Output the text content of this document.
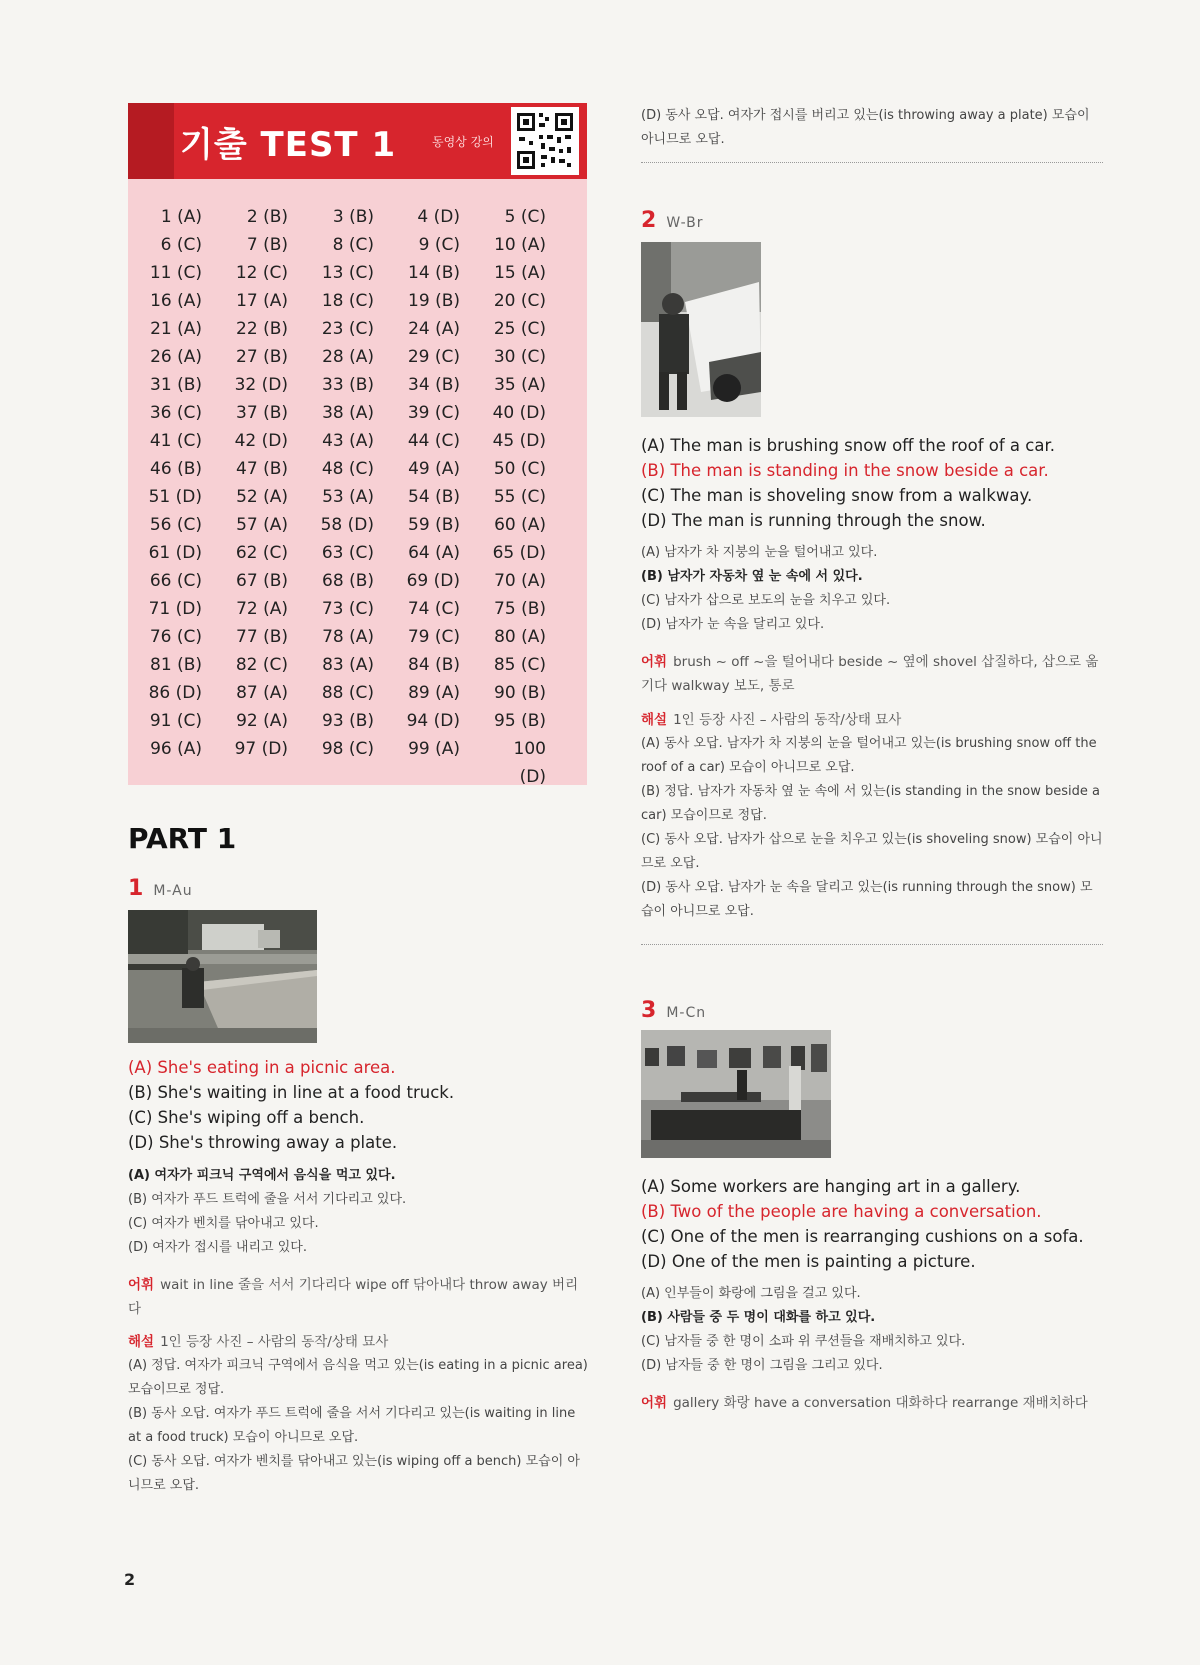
기출 TEST 1	동영상 강의
1 (A)	2 (B)	3 (B)	4 (D)	5 (C)
6 (C)	7 (B)	8 (C)	9 (C)	10 (A)
11 (C)	12 (C)	13 (C)	14 (B)	15 (A)
16 (A)	17 (A)	18 (C)	19 (B)	20 (C)
21 (A)	22 (B)	23 (C)	24 (A)	25 (C)
26 (A)	27 (B)	28 (A)	29 (C)	30 (C)
31 (B)	32 (D)	33 (B)	34 (B)	35 (A)
36 (C)	37 (B)	38 (A)	39 (C)	40 (D)
41 (C)	42 (D)	43 (A)	44 (C)	45 (D)
46 (B)	47 (B)	48 (C)	49 (A)	50 (C)
51 (D)	52 (A)	53 (A)	54 (B)	55 (C)
56 (C)	57 (A)	58 (D)	59 (B)	60 (A)
61 (D)	62 (C)	63 (C)	64 (A)	65 (D)
66 (C)	67 (B)	68 (B)	69 (D)	70 (A)
71 (D)	72 (A)	73 (C)	74 (C)	75 (B)
76 (C)	77 (B)	78 (A)	79 (C)	80 (A)
81 (B)	82 (C)	83 (A)	84 (B)	85 (C)
86 (D)	87 (A)	88 (C)	89 (A)	90 (B)
91 (C)	92 (A)	93 (B)	94 (D)	95 (B)
96 (A)	97 (D)	98 (C)	99 (A)	100 (D)
PART 1
1 M-Au
(A) She's eating in a picnic area.
(B) She's waiting in line at a food truck.
(C) She's wiping off a bench.
(D) She's throwing away a plate.
(A) 여자가 피크닉 구역에서 음식을 먹고 있다.
(B) 여자가 푸드 트럭에 줄을 서서 기다리고 있다.
(C) 여자가 벤치를 닦아내고 있다.
(D) 여자가 접시를 내리고 있다.
어휘 wait in line 줄을 서서 기다리다 wipe off 닦아내다 throw away 버리다
해설 1인 등장 사진 – 사람의 동작/상태 묘사
(A) 정답. 여자가 피크닉 구역에서 음식을 먹고 있는(is eating in a picnic area) 모습이므로 정답.
(B) 동사 오답. 여자가 푸드 트럭에 줄을 서서 기다리고 있는(is waiting in line at a food truck) 모습이 아니므로 오답.
(C) 동사 오답. 여자가 벤치를 닦아내고 있는(is wiping off a bench) 모습이 아니므로 오답.
2
(D) 동사 오답. 여자가 접시를 버리고 있는(is throwing away a plate) 모습이 아니므로 오답.
2 W-Br
(A) The man is brushing snow off the roof of a car.
(B) The man is standing in the snow beside a car.
(C) The man is shoveling snow from a walkway.
(D) The man is running through the snow.
(A) 남자가 차 지붕의 눈을 털어내고 있다.
(B) 남자가 자동차 옆 눈 속에 서 있다.
(C) 남자가 삽으로 보도의 눈을 치우고 있다.
(D) 남자가 눈 속을 달리고 있다.
어휘 brush ~ off ~을 털어내다 beside ~ 옆에 shovel 삽질하다, 삽으로 옮기다 walkway 보도, 통로
해설 1인 등장 사진 – 사람의 동작/상태 묘사
(A) 동사 오답. 남자가 차 지붕의 눈을 털어내고 있는(is brushing snow off the roof of a car) 모습이 아니므로 오답.
(B) 정답. 남자가 자동차 옆 눈 속에 서 있는(is standing in the snow beside a car) 모습이므로 정답.
(C) 동사 오답. 남자가 삽으로 눈을 치우고 있는(is shoveling snow) 모습이 아니므로 오답.
(D) 동사 오답. 남자가 눈 속을 달리고 있는(is running through the snow) 모습이 아니므로 오답.
3 M-Cn
(A) Some workers are hanging art in a gallery.
(B) Two of the people are having a conversation.
(C) One of the men is rearranging cushions on a sofa.
(D) One of the men is painting a picture.
(A) 인부들이 화랑에 그림을 걸고 있다.
(B) 사람들 중 두 명이 대화를 하고 있다.
(C) 남자들 중 한 명이 소파 위 쿠션들을 재배치하고 있다.
(D) 남자들 중 한 명이 그림을 그리고 있다.
어휘 gallery 화랑 have a conversation 대화하다 rearrange 재배치하다
